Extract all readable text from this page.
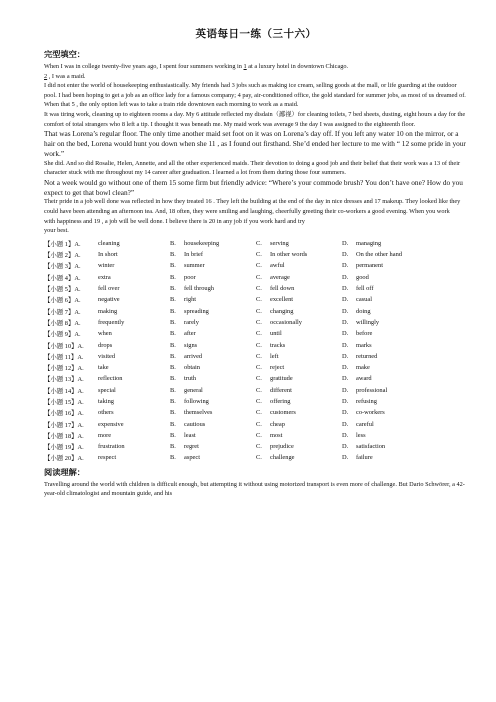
英语每日一练（三十六）
完型填空：

When I was in college twenty-five years ago, I spent four summers working in 1 at a luxury hotel in downtown Chicago.

2 , I was a maid.

I did not enter the world of housekeeping enthusiastically. My friends had 3 jobs such as making ice cream, selling goods at the mall, or life guarding at the outdoor pool. I had been hoping to get a job as an office lady for a famous company; 4 pay, air-conditioned office, the gold standard for summer jobs, as most of us dreamed of. When that 5 , the only option left was to take a train ride downtown each morning to work as a maid.

It was tiring work, cleaning up to eighteen rooms a day. My 6 attitude reflected my disdain（鄙视）for cleaning toilets, 7 bed sheets, dusting, eight hours a day for the comfort of total strangers who 8 left a tip. I thought it was beneath me. My maid work was average 9 the day I was assigned to the eighteenth floor.

That was Lorena’s regular floor. The only time another maid set foot on it was on Lorena’s day off. If you left any water 10 on the mirror, or a hair on the bed, Lorena would hunt you down when she 11 , as I found out firsthand. She’d ended her lecture to me with “ 12 some pride in your work.”

She did. And so did Rosalie, Helen, Annette, and all the other experienced maids. Their devotion to doing a good job and their belief that their work was a 13 of their character stuck with me throughout my 14 career after graduation. I learned a lot from them during those four summers.

Not a week would go without one of them 15 some firm but friendly advice: “Where’s your commode brush? You don’t have one? How do you expect to get that bowl clean?”

Their pride in a job well done was reflected in how they treated 16 . They left the building at the end of the day in nice dresses and 17 makeup. They looked like they could have been attending an afternoon tea. And, 18 often, they were smiling and laughing, cheerfully greeting their co-workers a good evening. When you work

with happiness and 19 , a job will be well done. I believe there is 20 in any job if you work hard and try

your best.

【小题 1】A.	cleaning	B. housekeeping	C. serving	D. managing
【小题 2】A.	In short	B. In brief	C. In other words	D. On the other hand
【小题 3】A.	winter	B. summer	C. awful	D. permanent
【小题 4】A.	extra	B. poor	C. average	D. good
【小题 5】A.	fell over	B. fell through	C. fell down	D. fell off
【小题 6】A.	negative	B. right	C. excellent	D. casual
【小题 7】A.	making	B. spreading	C. changing	D. doing
【小题 8】A.	frequently	B. rarely	C. occasionally	D. willingly
【小题 9】A.	when	B. after	C. until	D. before
【小题 10】A.	drops	B. signs	C. tracks	D. marks
【小题 11】A.	visited	B. arrived	C. left	D. returned
【小题 12】A.	take	B. obtain	C. reject	D. make
【小题 13】A.	reflection	B. truth	C. gratitude	D. award
【小题 14】A.	special	B. general	C. different	D. professional
【小题 15】A.	taking	B. following	C. offering	D. refusing
【小题 16】A.	others	B. themselves	C. customers	D. co-workers
【小题 17】A.	expensive	B. cautious	C. cheap	D. careful
【小题 18】A.	more	B. least	C. most	D. less
【小题 19】A.	frustration	B. regret	C. prejudice	D. satisfaction
【小题 20】A.	respect	B. aspect	C. challenge	D. failure
阅读理解：
Travelling around the world with children is difficult enough, but attempting it without using motorized transport is even more of challenge. But Dario Schwörer, a 42-year-old climatologist and mountain guide, and his
